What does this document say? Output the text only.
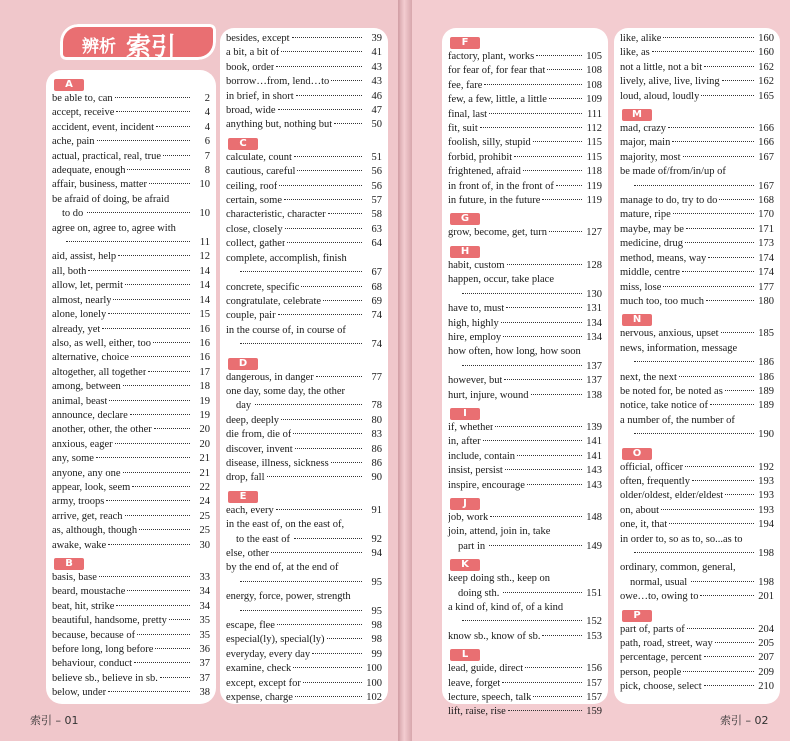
辨析 索引
A
be able to, can	2
accept, receive	4
accident, event, incident	4
ache, pain	6
actual, practical, real, true	7
adequate, enough	8
affair, business, matter	10
be afraid of doing, be afraid
to do	10
agree on, agree to, agree with
11
aid, assist, help	12
all, both	14
allow, let, permit	14
almost, nearly	14
alone, lonely	15
already, yet	16
also, as well, either, too	16
alternative, choice	16
altogether, all together	17
among, between	18
animal, beast	19
announce, declare	19
another, other, the other	20
anxious, eager	20
any, some	21
anyone, any one	21
appear, look, seem	22
army, troops	24
arrive, get, reach	25
as, although, though	25
awake, wake	30
B
basis, base	33
beard, moustache	34
beat, hit, strike	34
beautiful, handsome, pretty	35
because, because of	35
before long, long before	36
behaviour, conduct	37
believe sb., believe in sb.	37
below, under	38
besides, except	39
a bit, a bit of	41
book, order	43
borrow…from, lend…to	43
in brief, in short	46
broad, wide	47
anything but, nothing but	50
C
calculate, count	51
cautious, careful	56
ceiling, roof	56
certain, some	57
characteristic, character	58
close, closely	63
collect, gather	64
complete, accomplish, finish
67
concrete, specific	68
congratulate, celebrate	69
couple, pair	74
in the course of, in course of
74
D
dangerous, in danger	77
one day, some day, the other
day	78
deep, deeply	80
die from, die of	83
discover, invent	86
disease, illness, sickness	86
drop, fall	90
E
each, every	91
in the east of, on the east of,
to the east of	92
else, other	94
by the end of, at the end of
95
energy, force, power, strength
95
escape, flee	98
especial(ly), special(ly)	98
everyday, every day	99
examine, check	100
except, except for	100
expense, charge	102
F
factory, plant, works	105
for fear of, for fear that	108
fee, fare	108
few, a few, little, a little	109
final, last	111
fit, suit	112
foolish, silly, stupid	115
forbid, prohibit	115
frightened, afraid	118
in front of, in the front of	119
in future, in the future	119
G
grow, become, get, turn	127
H
habit, custom	128
happen, occur, take place
130
have to, must	131
high, highly	134
hire, employ	134
how often, how long, how soon
137
however, but	137
hurt, injure, wound	138
I
if, whether	139
in, after	141
include, contain	141
insist, persist	143
inspire, encourage	143
J
job, work	148
join, attend, join in, take
part in	149
K
keep doing sth., keep on
doing sth.	151
a kind of, kind of, of a kind
152
know sb., know of sb.	153
L
lead, guide, direct	156
leave, forget	157
lecture, speech, talk	157
lift, raise, rise	159
like, alike	160
like, as	160
not a little, not a bit	162
lively, alive, live, living	162
loud, aloud, loudly	165
M
mad, crazy	166
major, main	166
majority, most	167
be made of/from/in/up of
167
manage to do, try to do	168
mature, ripe	170
maybe, may be	171
medicine, drug	173
method, means, way	174
middle, centre	174
miss, lose	177
much too, too much	180
N
nervous, anxious, upset	185
news, information, message
186
next, the next	186
be noted for, be noted as	189
notice, take notice of	189
a number of, the number of
190
O
official, officer	192
often, frequently	193
older/oldest, elder/eldest	193
on, about	193
one, it, that	194
in order to, so as to, so...as to
198
ordinary, common, general,
normal, usual	198
owe…to, owing to	201
P
part of, parts of	204
path, road, street, way	205
percentage, percent	207
person, people	209
pick, choose, select	210
索引 – 01	索引 – 02
